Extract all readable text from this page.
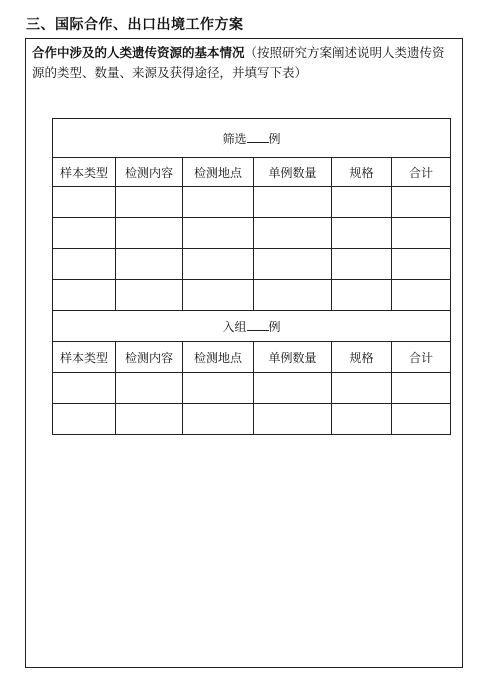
三、国际合作、出口出境工作方案
合作中涉及的人类遗传资源的基本情况（按照研究方案阐述说明人类遗传资源的类型、数量、来源及获得途径，并填写下表）
筛选 例					
样本类型	检测内容	检测地点	单例数量	规格	合计

入组 例					
样本类型	检测内容	检测地点	单例数量	规格	合计
